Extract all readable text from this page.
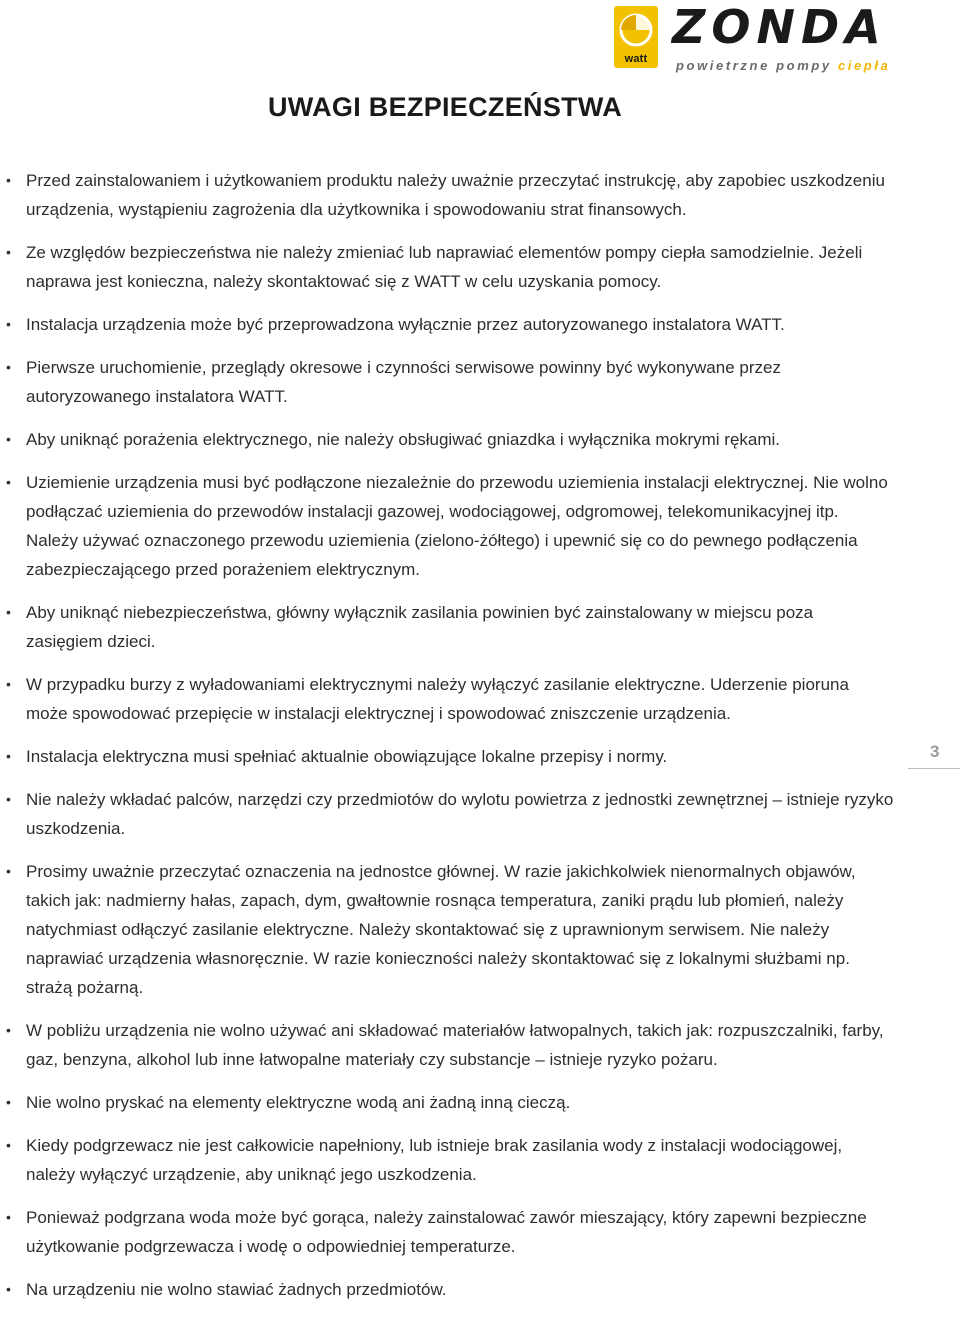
watt
ZONDA
powietrzne pompy ciepła
UWAGI BEZPIECZEŃSTWA
• Przed zainstalowaniem i użytkowaniem produktu należy uważnie przeczytać instrukcję, aby zapobiec uszkodzeniu urządzenia, wystąpieniu zagrożenia dla użytkownika i spowodowaniu strat finansowych.
• Ze względów bezpieczeństwa nie należy zmieniać lub naprawiać elementów pompy ciepła samodzielnie. Jeżeli naprawa jest konieczna, należy skontaktować się z WATT w celu uzyskania pomocy.
• Instalacja urządzenia może być przeprowadzona wyłącznie przez autoryzowanego instalatora WATT.
• Pierwsze uruchomienie, przeglądy okresowe i czynności serwisowe powinny być wykonywane przez autoryzowanego instalatora WATT.
• Aby uniknąć porażenia elektrycznego, nie należy obsługiwać gniazdka i wyłącznika mokrymi rękami.
• Uziemienie urządzenia musi być podłączone niezależnie do przewodu uziemienia instalacji elektrycznej. Nie wolno podłączać uziemienia do przewodów instalacji gazowej, wodociągowej, odgromowej, telekomunikacyjnej itp. Należy używać oznaczonego przewodu uziemienia (zielono-żółtego) i upewnić się co do pewnego podłączenia zabezpieczającego przed porażeniem elektrycznym.
• Aby uniknąć niebezpieczeństwa, główny wyłącznik zasilania powinien być zainstalowany w miejscu poza zasięgiem dzieci.
• W przypadku burzy z wyładowaniami elektrycznymi należy wyłączyć zasilanie elektryczne. Uderzenie pioruna może spowodować przepięcie w instalacji elektrycznej i spowodować zniszczenie urządzenia.
• Instalacja elektryczna musi spełniać aktualnie obowiązujące lokalne przepisy i normy.
• Nie należy wkładać palców, narzędzi czy przedmiotów do wylotu powietrza z jednostki zewnętrznej – istnieje ryzyko uszkodzenia.
• Prosimy uważnie przeczytać oznaczenia na jednostce głównej. W razie jakichkolwiek nienormalnych objawów, takich jak: nadmierny hałas, zapach, dym, gwałtownie rosnąca temperatura, zaniki prądu lub płomień, należy natychmiast odłączyć zasilanie elektryczne. Należy skontaktować się z uprawnionym serwisem. Nie należy naprawiać urządzenia własnoręcznie. W razie konieczności należy skontaktować się z lokalnymi służbami np. strażą pożarną.
• W pobliżu urządzenia nie wolno używać ani składować materiałów łatwopalnych, takich jak: rozpuszczalniki, farby, gaz, benzyna, alkohol lub inne łatwopalne materiały czy substancje – istnieje ryzyko pożaru.
• Nie wolno pryskać na elementy elektryczne wodą ani żadną inną cieczą.
• Kiedy podgrzewacz nie jest całkowicie napełniony, lub istnieje brak zasilania wody z instalacji wodociągowej, należy wyłączyć urządzenie, aby uniknąć jego uszkodzenia.
• Ponieważ podgrzana woda może być gorąca, należy zainstalować zawór mieszający, który zapewni bezpieczne użytkowanie podgrzewacza i wodę o odpowiedniej temperaturze.
• Na urządzeniu nie wolno stawiać żadnych przedmiotów.
3
